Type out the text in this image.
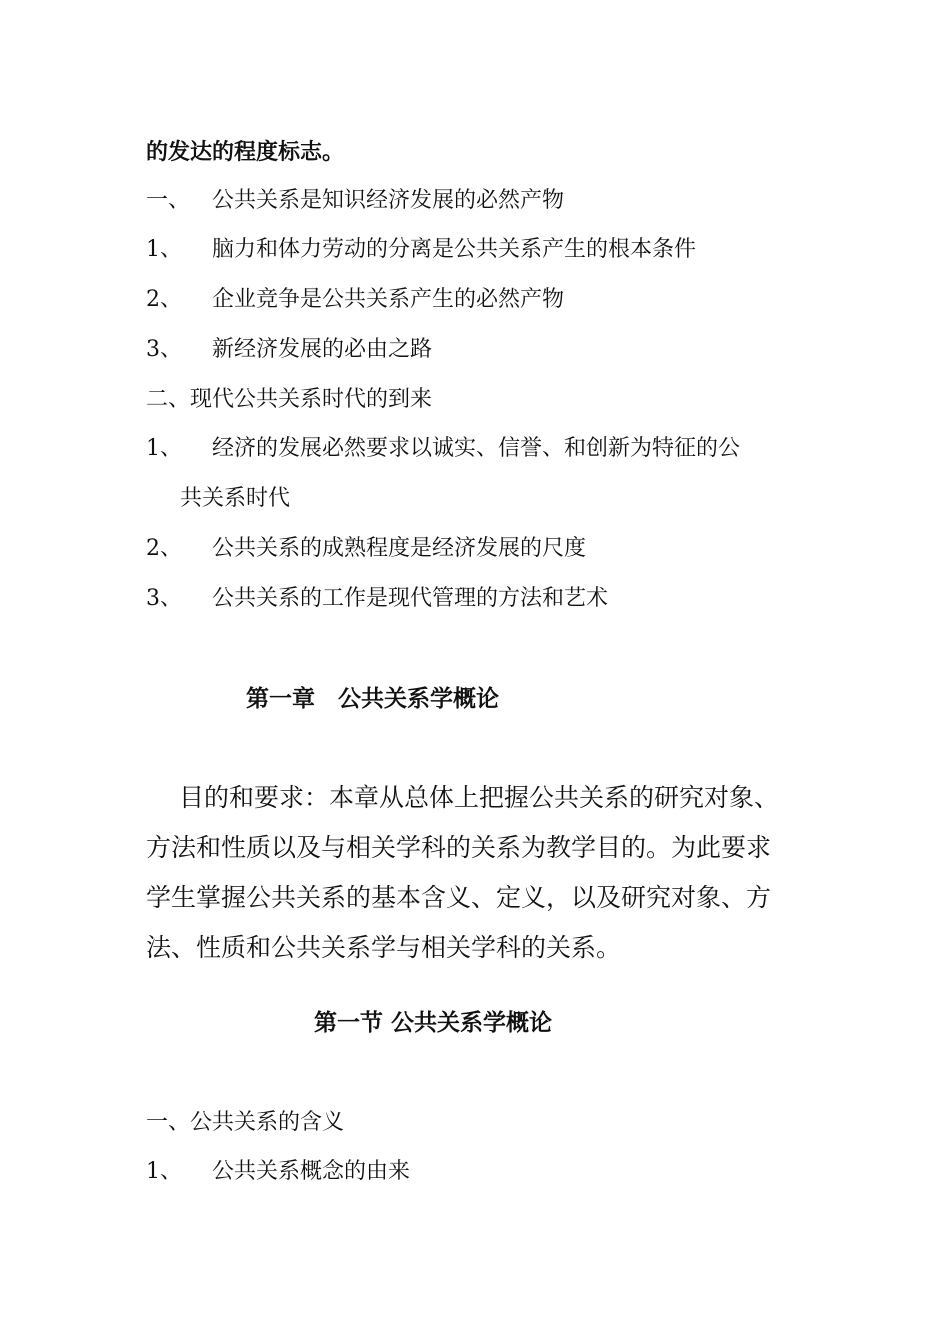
的发达的程度标志。
一、 公共关系是知识经济发展的必然产物
1、 脑力和体力劳动的分离是公共关系产生的根本条件
2、 企业竞争是公共关系产生的必然产物
3、 新经济发展的必由之路
二、现代公共关系时代的到来
1、 经济的发展必然要求以诚实、信誉、和创新为特征的公
共关系时代
2、 公共关系的成熟程度是经济发展的尺度
3、 公共关系的工作是现代管理的方法和艺术
第一章　公共关系学概论
目的和要求：本章从总体上把握公共关系的研究对象、
方法和性质以及与相关学科的关系为教学目的。为此要求
学生掌握公共关系的基本含义、定义，以及研究对象、方
法、性质和公共关系学与相关学科的关系。
第一节 公共关系学概论
一、公共关系的含义
1、 公共关系概念的由来
